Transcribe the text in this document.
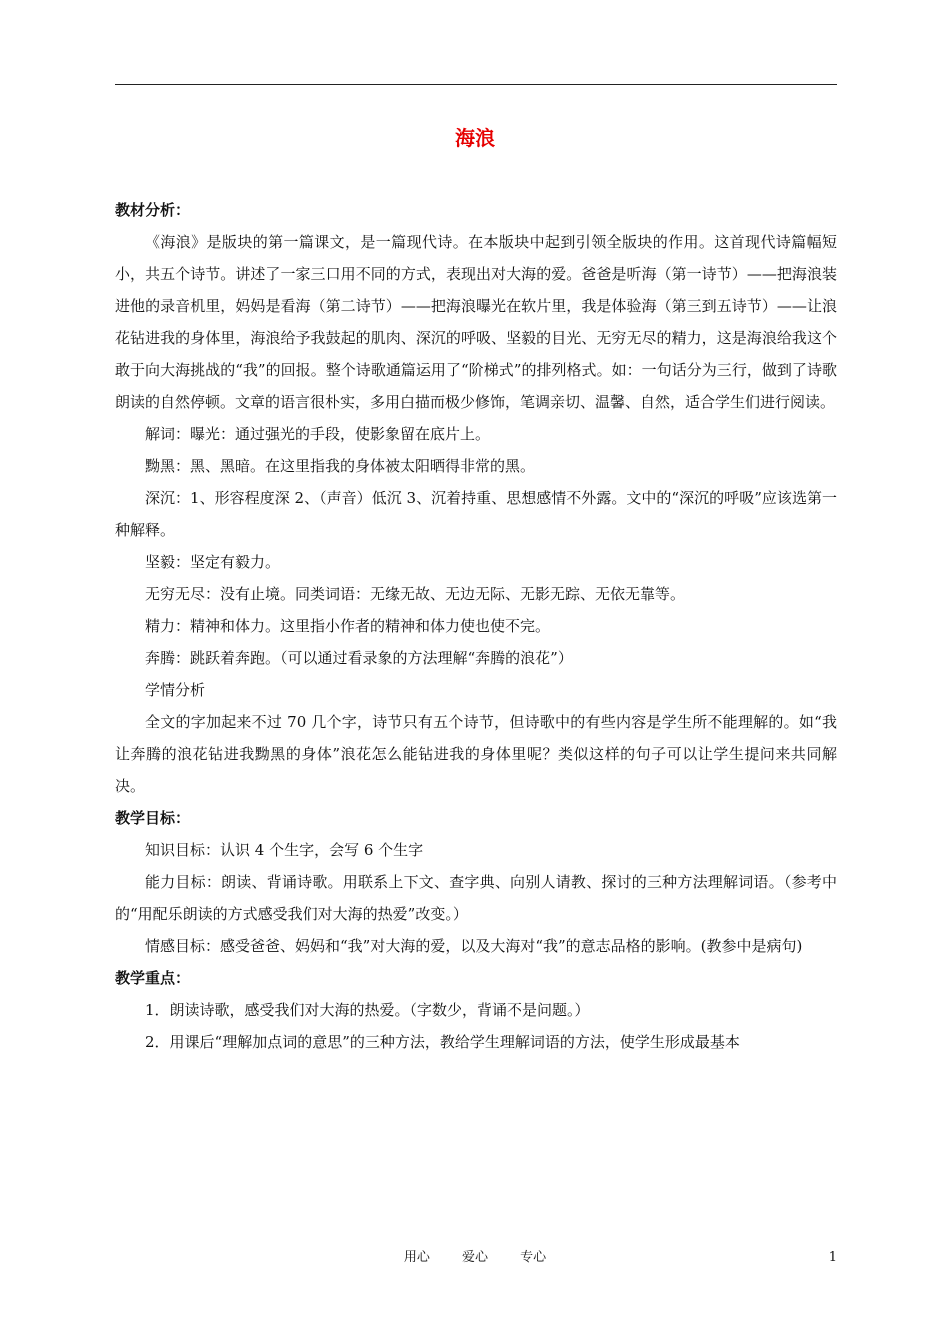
海浪
教材分析：

《海浪》是版块的第一篇课文，是一篇现代诗。在本版块中起到引领全版块的作用。这首现代诗篇幅短小，共五个诗节。讲述了一家三口用不同的方式，表现出对大海的爱。爸爸是听海（第一诗节）——把海浪装进他的录音机里，妈妈是看海（第二诗节）——把海浪曝光在软片里，我是体验海（第三到五诗节）——让浪花钻进我的身体里，海浪给予我鼓起的肌肉、深沉的呼吸、坚毅的目光、无穷无尽的精力，这是海浪给我这个敢于向大海挑战的“我”的回报。整个诗歌通篇运用了“阶梯式”的排列格式。如：一句话分为三行，做到了诗歌朗读的自然停顿。文章的语言很朴实，多用白描而极少修饰，笔调亲切、温馨、自然，适合学生们进行阅读。

解词：曝光：通过强光的手段，使影象留在底片上。

黝黑：黑、黑暗。在这里指我的身体被太阳晒得非常的黑。

深沉：1、形容程度深 2、（声音）低沉 3、沉着持重、思想感情不外露。文中的“深沉的呼吸”应该选第一种解释。

坚毅：坚定有毅力。

无穷无尽：没有止境。同类词语：无缘无故、无边无际、无影无踪、无依无靠等。

精力：精神和体力。这里指小作者的精神和体力使也使不完。

奔腾：跳跃着奔跑。（可以通过看录象的方法理解“奔腾的浪花”）

学情分析

全文的字加起来不过 70 几个字，诗节只有五个诗节，但诗歌中的有些内容是学生所不能理解的。如“我让奔腾的浪花钻进我黝黑的身体”浪花怎么能钻进我的身体里呢？类似这样的句子可以让学生提问来共同解决。

教学目标：

知识目标：认识 4 个生字，会写 6 个生字

能力目标：朗读、背诵诗歌。用联系上下文、查字典、向别人请教、探讨的三种方法理解词语。（参考中的“用配乐朗读的方式感受我们对大海的热爱”改变。）

情感目标：感受爸爸、妈妈和“我”对大海的爱，以及大海对“我”的意志品格的影响。(教参中是病句)

教学重点：

1．朗读诗歌，感受我们对大海的热爱。（字数少，背诵不是问题。）

2．用课后“理解加点词的意思”的三种方法，教给学生理解词语的方法，使学生形成最基本

用心 爱心 专心	1
